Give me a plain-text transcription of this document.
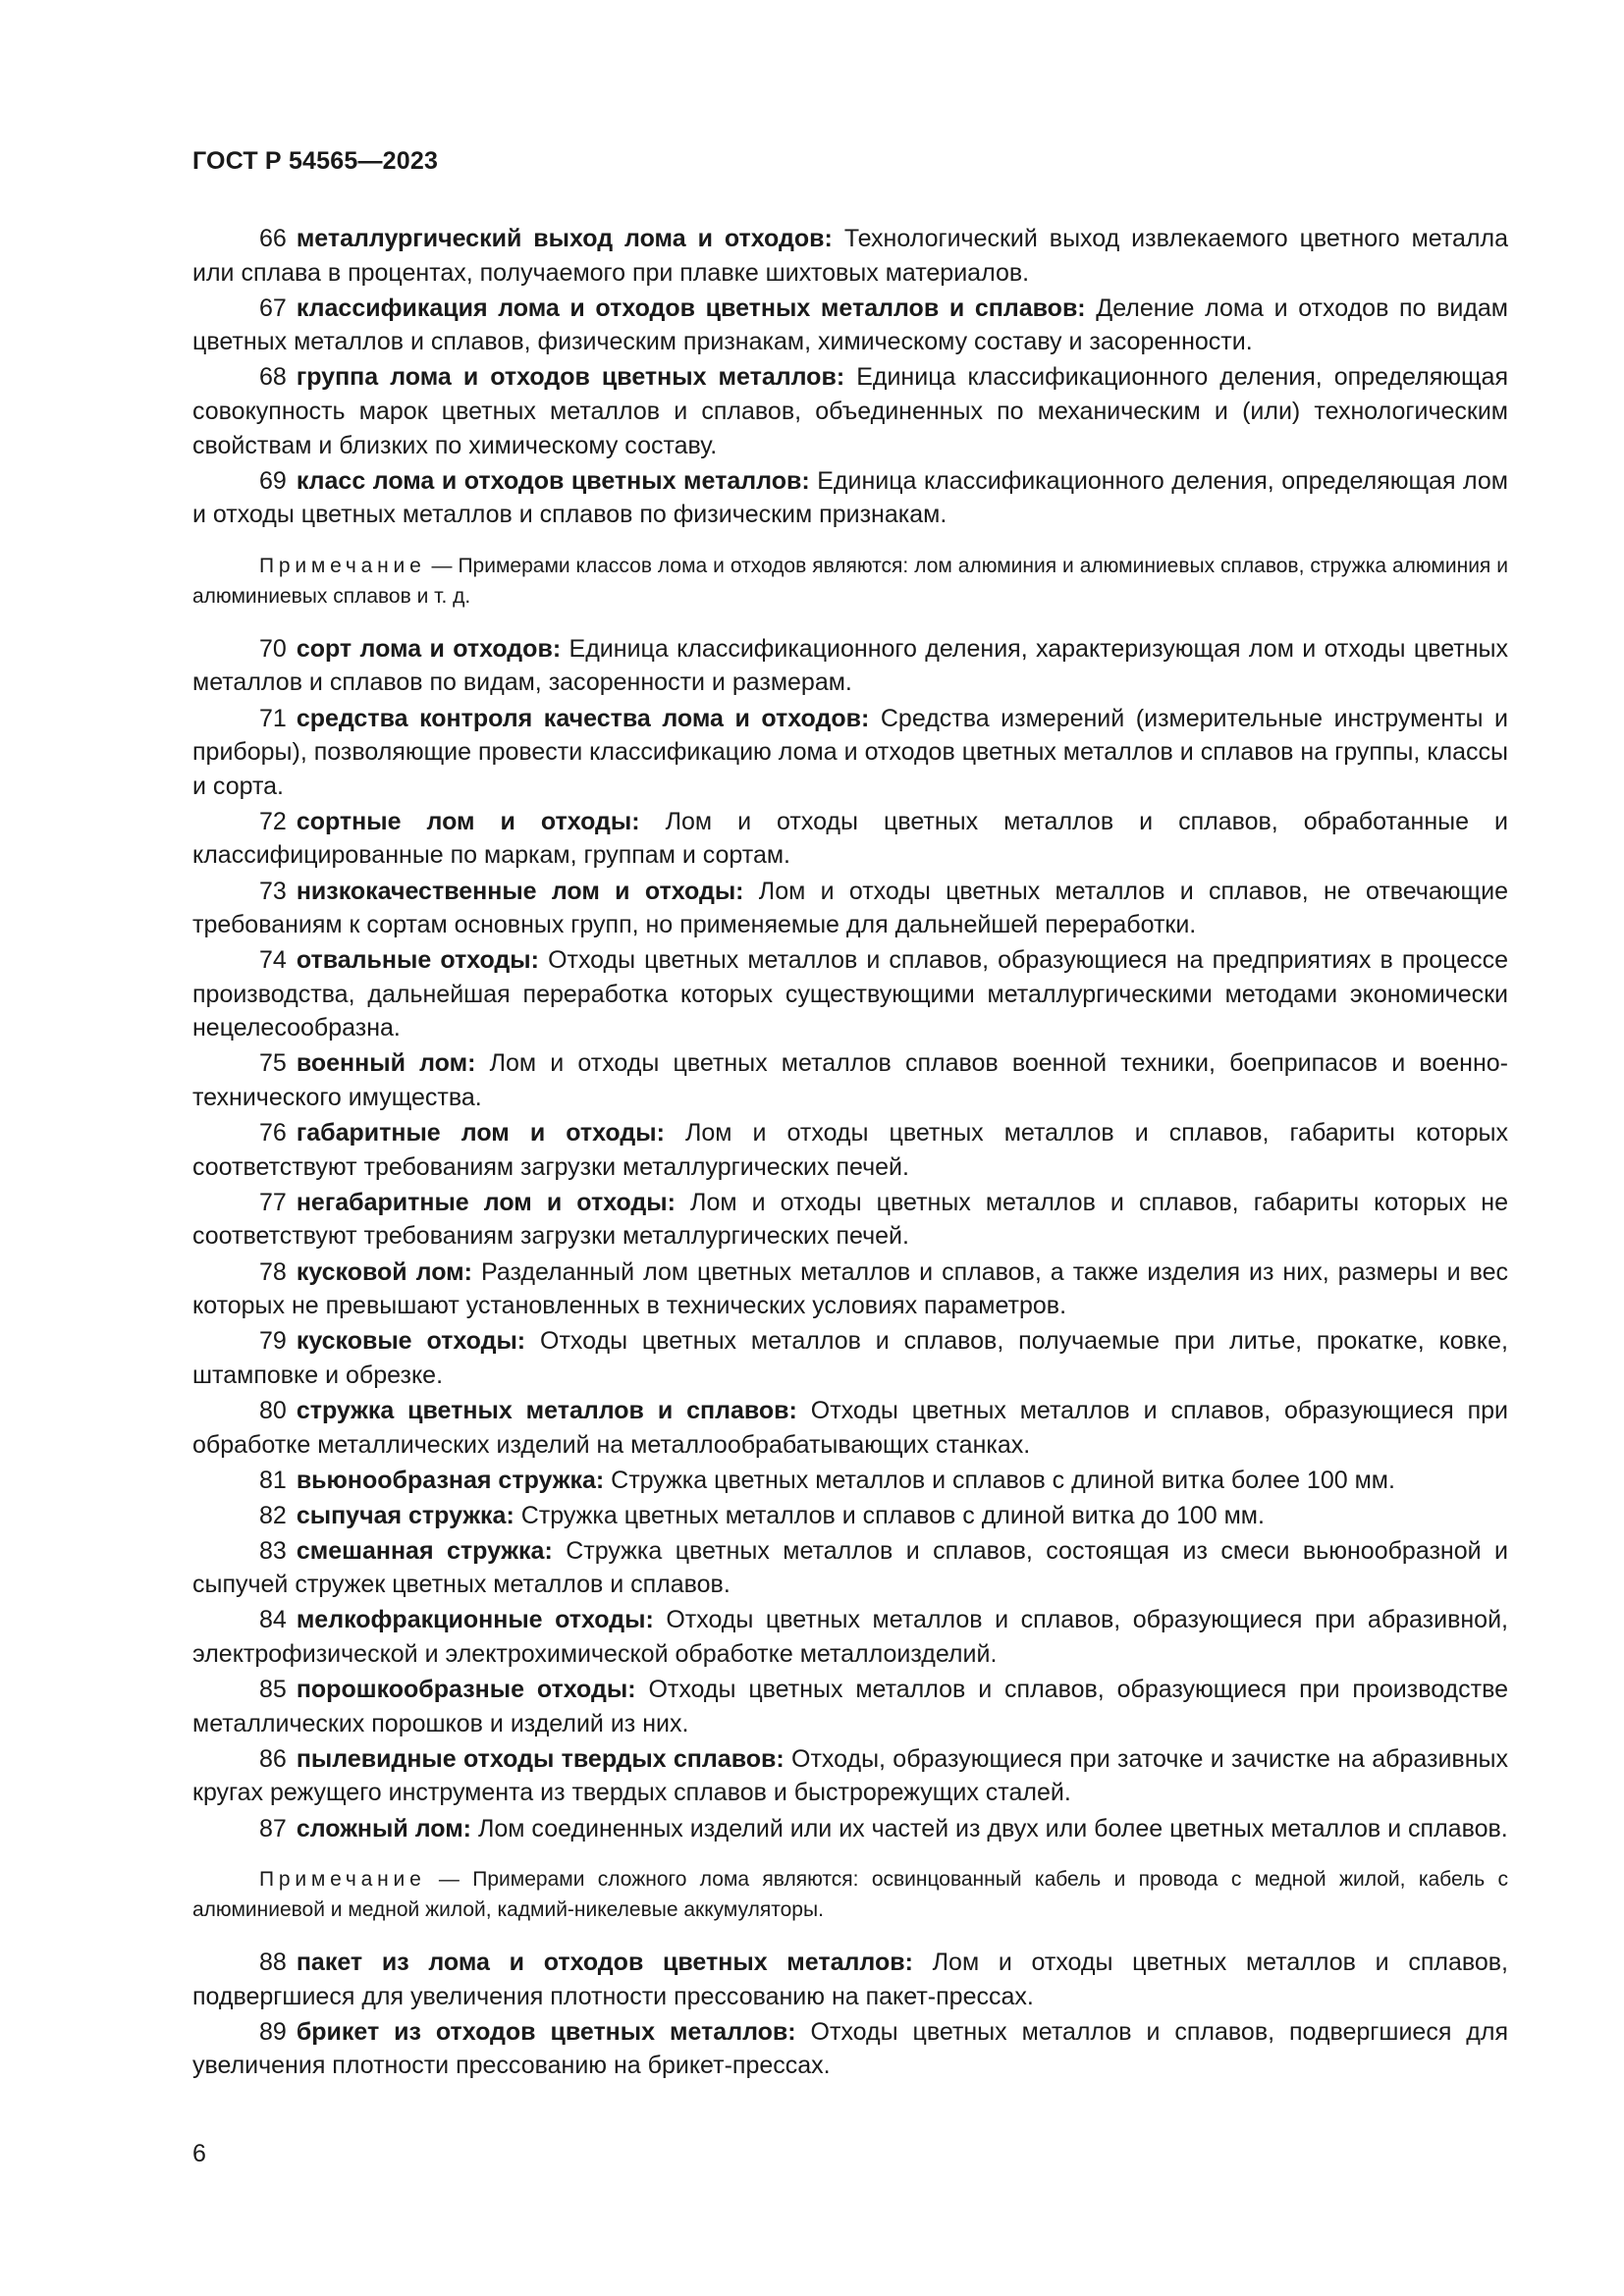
ГОСТ Р 54565—2023

66 металлургический выход лома и отходов: Технологический выход извлекаемого цветного металла или сплава в процентах, получаемого при плавке шихтовых материалов.

67 классификация лома и отходов цветных металлов и сплавов: Деление лома и отходов по видам цветных металлов и сплавов, физическим признакам, химическому составу и засоренности.

68 группа лома и отходов цветных металлов: Единица классификационного деления, определяющая совокупность марок цветных металлов и сплавов, объединенных по механическим и (или) технологическим свойствам и близких по химическому составу.

69 класс лома и отходов цветных металлов: Единица классификационного деления, определяющая лом и отходы цветных металлов и сплавов по физическим признакам.

Примечание — Примерами классов лома и отходов являются: лом алюминия и алюминиевых сплавов, стружка алюминия и алюминиевых сплавов и т. д.

70 сорт лома и отходов: Единица классификационного деления, характеризующая лом и отходы цветных металлов и сплавов по видам, засоренности и размерам.

71 средства контроля качества лома и отходов: Средства измерений (измерительные инструменты и приборы), позволяющие провести классификацию лома и отходов цветных металлов и сплавов на группы, классы и сорта.

72 сортные лом и отходы: Лом и отходы цветных металлов и сплавов, обработанные и классифицированные по маркам, группам и сортам.

73 низкокачественные лом и отходы: Лом и отходы цветных металлов и сплавов, не отвечающие требованиям к сортам основных групп, но применяемые для дальнейшей переработки.

74 отвальные отходы: Отходы цветных металлов и сплавов, образующиеся на предприятиях в процессе производства, дальнейшая переработка которых существующими металлургическими методами экономически нецелесообразна.

75 военный лом: Лом и отходы цветных металлов сплавов военной техники, боеприпасов и военно-технического имущества.

76 габаритные лом и отходы: Лом и отходы цветных металлов и сплавов, габариты которых соответствуют требованиям загрузки металлургических печей.

77 негабаритные лом и отходы: Лом и отходы цветных металлов и сплавов, габариты которых не соответствуют требованиям загрузки металлургических печей.

78 кусковой лом: Разделанный лом цветных металлов и сплавов, а также изделия из них, размеры и вес которых не превышают установленных в технических условиях параметров.

79 кусковые отходы: Отходы цветных металлов и сплавов, получаемые при литье, прокатке, ковке, штамповке и обрезке.

80 стружка цветных металлов и сплавов: Отходы цветных металлов и сплавов, образующиеся при обработке металлических изделий на металлообрабатывающих станках.

81 вьюнообразная стружка: Стружка цветных металлов и сплавов с длиной витка более 100 мм.

82 сыпучая стружка: Стружка цветных металлов и сплавов с длиной витка до 100 мм.

83 смешанная стружка: Стружка цветных металлов и сплавов, состоящая из смеси вьюнообразной и сыпучей стружек цветных металлов и сплавов.

84 мелкофракционные отходы: Отходы цветных металлов и сплавов, образующиеся при абразивной, электрофизической и электрохимической обработке металлоизделий.

85 порошкообразные отходы: Отходы цветных металлов и сплавов, образующиеся при производстве металлических порошков и изделий из них.

86 пылевидные отходы твердых сплавов: Отходы, образующиеся при заточке и зачистке на абразивных кругах режущего инструмента из твердых сплавов и быстрорежущих сталей.

87 сложный лом: Лом соединенных изделий или их частей из двух или более цветных металлов и сплавов.

Примечание — Примерами сложного лома являются: освинцованный кабель и провода с медной жилой, кабель с алюминиевой и медной жилой, кадмий-никелевые аккумуляторы.

88 пакет из лома и отходов цветных металлов: Лом и отходы цветных металлов и сплавов, подвергшиеся для увеличения плотности прессованию на пакет-прессах.

89 брикет из отходов цветных металлов: Отходы цветных металлов и сплавов, подвергшиеся для увеличения плотности прессованию на брикет-прессах.

6
